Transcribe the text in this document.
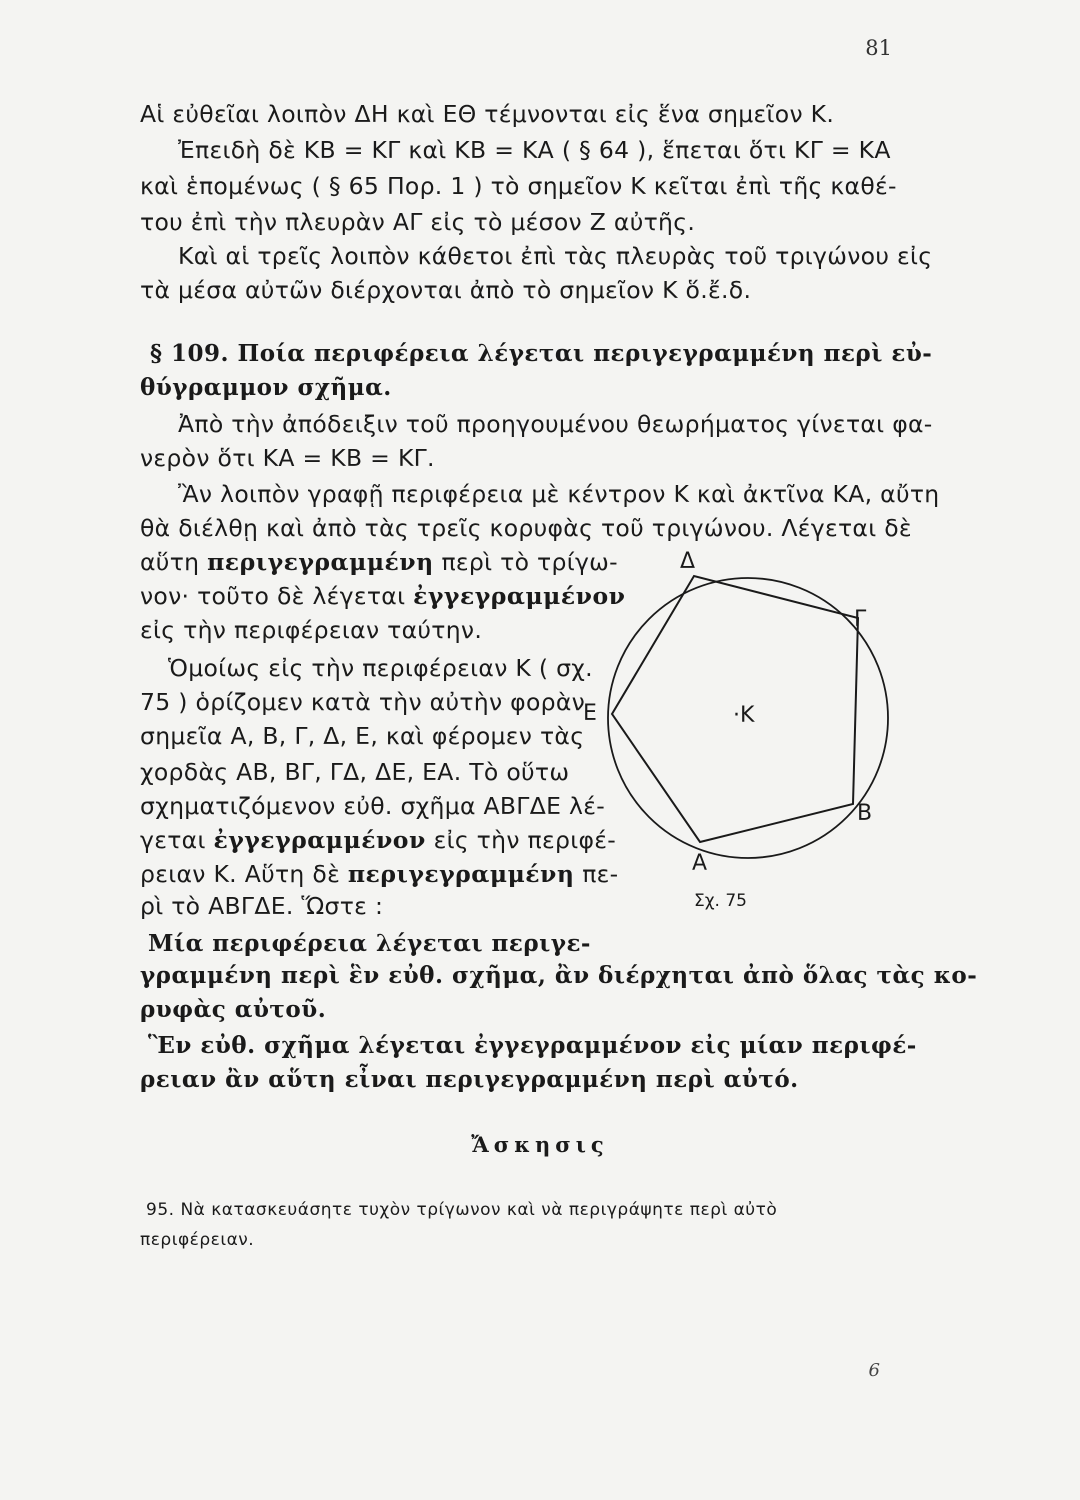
81
Αἱ εὐθεῖαι λοιπὸν ΔΗ καὶ ΕΘ τέμνονται εἰς ἕνα σημεῖον Κ.
Ἐπειδὴ δὲ ΚΒ = ΚΓ καὶ ΚΒ = ΚΑ ( § 64 ), ἕπεται ὅτι ΚΓ = ΚΑ
καὶ ἑπομένως ( § 65 Πορ. 1 ) τὸ σημεῖον Κ κεῖται ἐπὶ τῆς καθέ-
του ἐπὶ τὴν πλευρὰν ΑΓ εἰς τὸ μέσον Ζ αὐτῆς.
Καὶ αἱ τρεῖς λοιπὸν κάθετοι ἐπὶ τὰς πλευρὰς τοῦ τριγώνου εἰς
τὰ μέσα αὐτῶν διέρχονται ἀπὸ τὸ σημεῖον Κ ὅ.ἔ.δ.
§ 109. Ποία περιφέρεια λέγεται περιγεγραμμένη περὶ εὐ-
θύγραμμον σχῆμα.
Ἀπὸ τὴν ἀπόδειξιν τοῦ προηγουμένου θεωρήματος γίνεται φα-
νερὸν ὅτι ΚΑ = ΚΒ = ΚΓ.
Ἂν λοιπὸν γραφῇ περιφέρεια μὲ κέντρον Κ καὶ ἀκτῖνα ΚΑ, αὔτη
θὰ διέλθῃ καὶ ἀπὸ τὰς τρεῖς κορυφὰς τοῦ τριγώνου. Λέγεται δὲ
αὕτη περιγεγραμμένη περὶ τὸ τρίγω-
νον· τοῦτο δὲ λέγεται ἐγγεγραμμένον
εἰς τὴν περιφέρειαν ταύτην.
Ὁμοίως εἰς τὴν περιφέρειαν Κ ( σχ.
75 ) ὁρίζομεν κατὰ τὴν αὐτὴν φορὰν
σημεῖα Α, Β, Γ, Δ, Ε, καὶ φέρομεν τὰς
χορδὰς ΑΒ, ΒΓ, ΓΔ, ΔΕ, ΕΑ. Τὸ οὕτω
σχηματιζόμενον εὐθ. σχῆμα ΑΒΓΔΕ λέ-
γεται ἐγγεγραμμένον εἰς τὴν περιφέ-
ρειαν Κ. Αὕτη δὲ περιγεγραμμένη πε-
ρὶ τὸ ΑΒΓΔΕ. Ὥστε :
Δ
Γ
Ε	·Κ
Β
Α
Σχ. 75
Μία περιφέρεια λέγεται περιγε-
γραμμένη περὶ ἓν εὐθ. σχῆμα, ἂν διέρχηται ἀπὸ ὅλας τὰς κο-
ρυφὰς αὐτοῦ.
Ἓν εὐθ. σχῆμα λέγεται ἐγγεγραμμένον εἰς μίαν περιφέ-
ρειαν ἂν αὕτη εἶναι περιγεγραμμένη περὶ αὐτό.
Ἄσκησις
95. Νὰ κατασκευάσητε τυχὸν τρίγωνον καὶ νὰ περιγράψητε περὶ αὐτὸ
περιφέρειαν.
6
